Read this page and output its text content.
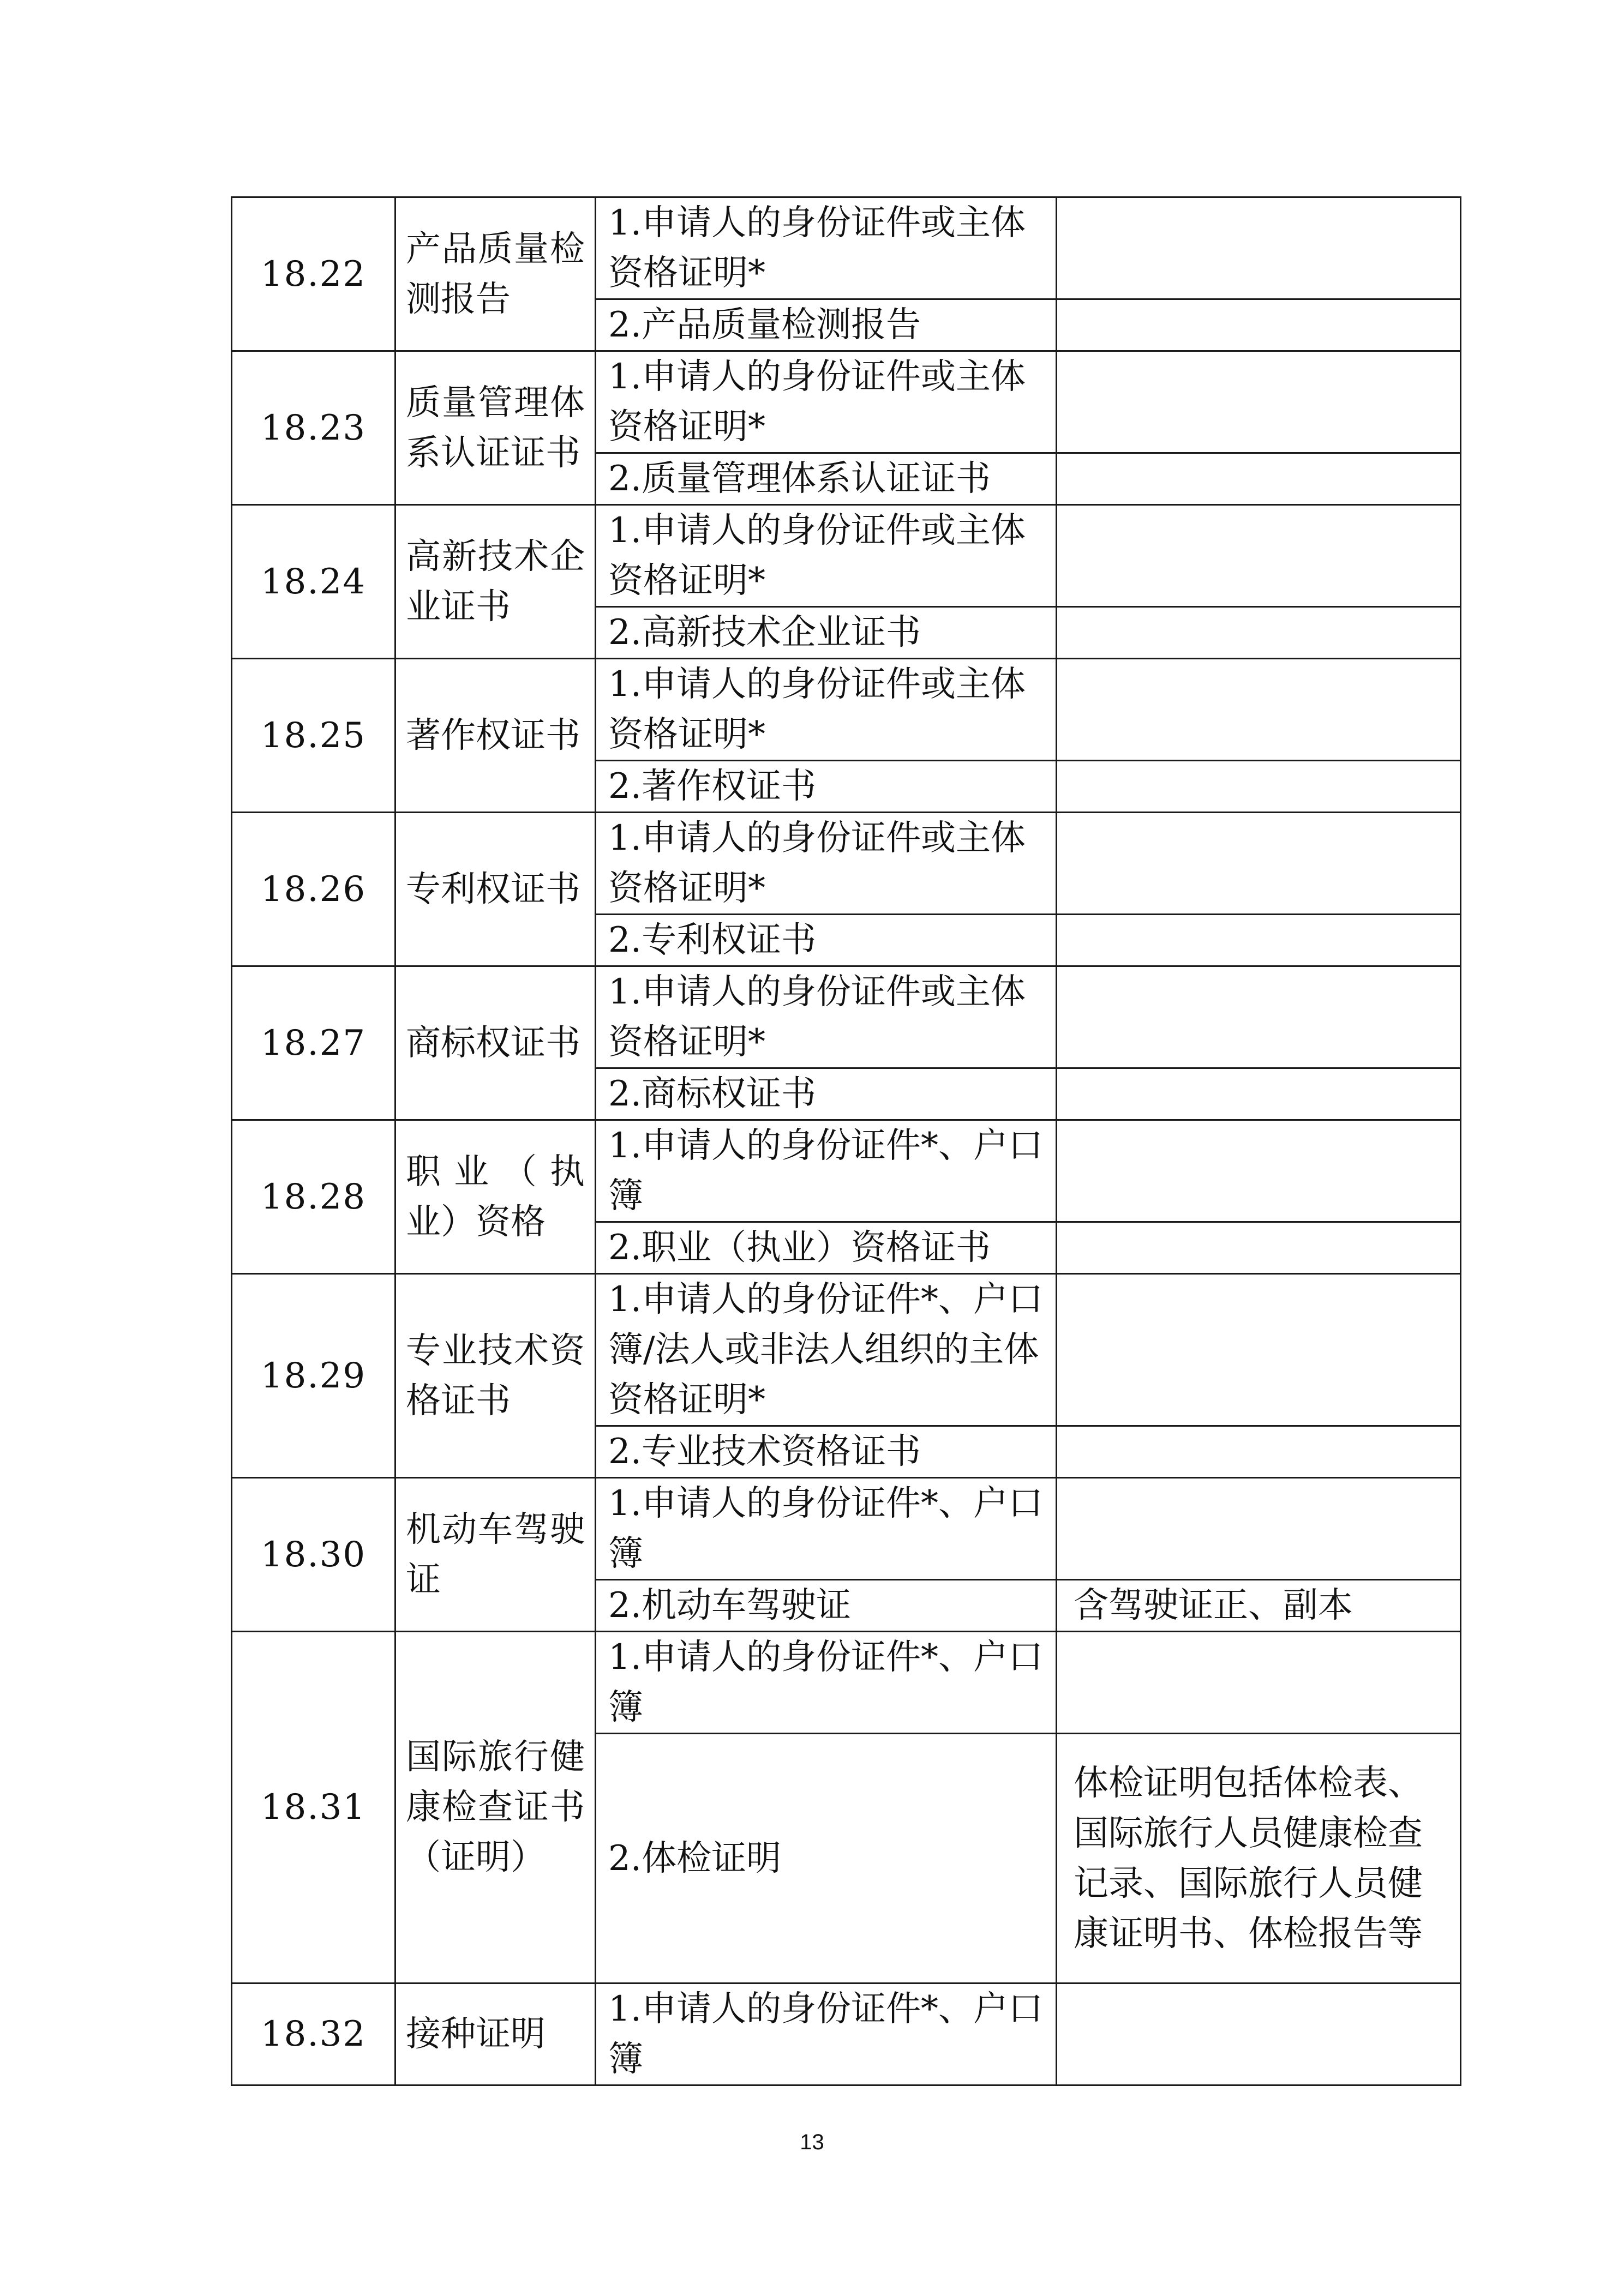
18.22	产品质量检测报告	1.申请人的身份证件或主体资格证明*	
		2.产品质量检测报告	
18.23	质量管理体系认证证书	1.申请人的身份证件或主体资格证明*	
		2.质量管理体系认证证书	
18.24	高新技术企业证书	1.申请人的身份证件或主体资格证明*	
		2.高新技术企业证书	
18.25	著作权证书	1.申请人的身份证件或主体资格证明*	
		2.著作权证书	
18.26	专利权证书	1.申请人的身份证件或主体资格证明*	
		2.专利权证书	
18.27	商标权证书	1.申请人的身份证件或主体资格证明*	
		2.商标权证书	
18.28	职业（执业）资格	1.申请人的身份证件*、户口簿	
		2.职业（执业）资格证书	
18.29	专业技术资格证书	1.申请人的身份证件*、户口簿/法人或非法人组织的主体资格证明*	
		2.专业技术资格证书	
18.30	机动车驾驶证	1.申请人的身份证件*、户口簿	
		2.机动车驾驶证	含驾驶证正、副本
18.31	国际旅行健康检查证书（证明）	1.申请人的身份证件*、户口簿	
		2.体检证明	体检证明包括体检表、国际旅行人员健康检查记录、国际旅行人员健康证明书、体检报告等
18.32	接种证明	1.申请人的身份证件*、户口簿	
13
